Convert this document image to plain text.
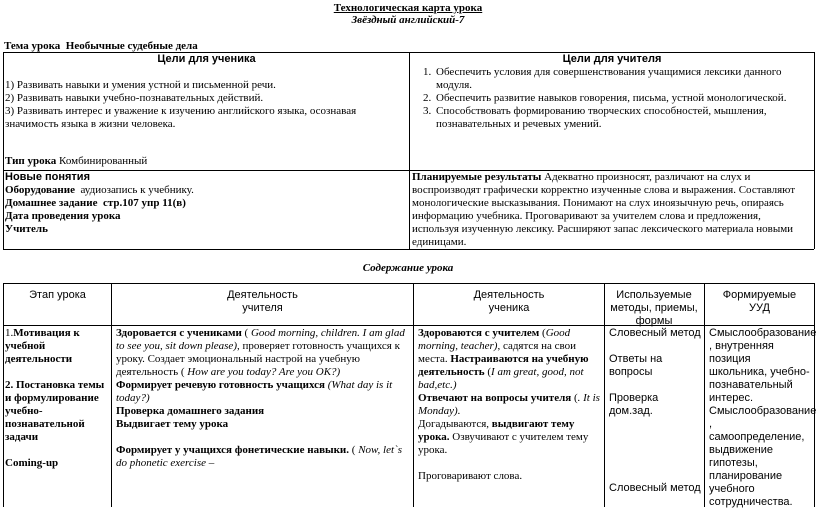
Технологическая карта урока
Звёздный английский-7
Тема урока Необычные судебные дела
Цели для ученика

1) Развивать навыки и умения устной и письменной речи.

2) Развивать навыки учебно-познавательных действий.

3) Развивать интерес и уважение к изучению английского языка, осознавая значимость языка в жизни человека.

Цели для учителя
1. Обеспечить условия для совершенствования учащимися лексики данного модуля.
2. Обеспечить развитие навыков говорения, письма, устной монологической.
3. Способствовать формированию творческих способностей, мышления, познавательных и речевых умений.
Тип урока Комбинированный
Новые понятия
Оборудование аудиозапись к учебнику.
Домашнее задание стр.107 упр 11(в)
Дата проведения урока
Учитель
Планируемые результаты Адекватно произносят, различают на слух и воспроизводят графически корректно изученные слова и выражения. Составляют монологические высказывания. Понимают на слух иноязычную речь, опираясь информацию учебника. Проговаривают за учителем слова и предложения, используя изученную лексику. Расширяют запас лексического материала новыми единицами.
Содержание урока
Этап урока	Деятельность

учителя

Деятельность

ученика

Используемые методы, приемы, формы

Формируемые

УУД

1.Мотивация к учебной деятельности

2. Постановка темы и формулирование учебно-познавательной задачи

Coming-up

Здоровается с учениками ( Good morning, children. I am glad to see you, sit down please), проверяет готовность учащихся к уроку. Создает эмоциональный настрой на учебную деятельность ( How are you today? Are you OK?)

Формирует речевую готовность учащихся (What day is it today?)

Проверка домашнего задания

Выдвигает тему урока

Формирует у учащихся фонетические навыки. ( Now, let`s do phonetic exercise –

Здороваются с учителем (Good morning, teacher), садятся на свои места. Настраиваются на учебную деятельность (I am great, good, not bad,etc.)

Отвечают на вопросы учителя (. It is Monday).

Догадываются, выдвигают тему урока. Озвучивают с учителем тему урока.

Проговаривают слова.

Словесный метод

Ответы на вопросы

Проверка дом.зад.

Словесный метод
Смыслообразование , внутренняя позиция школьника, учебно-познавательный интерес. Смыслообразование , самоопределение, выдвижение гипотезы, планирование учебного сотрудничества.
